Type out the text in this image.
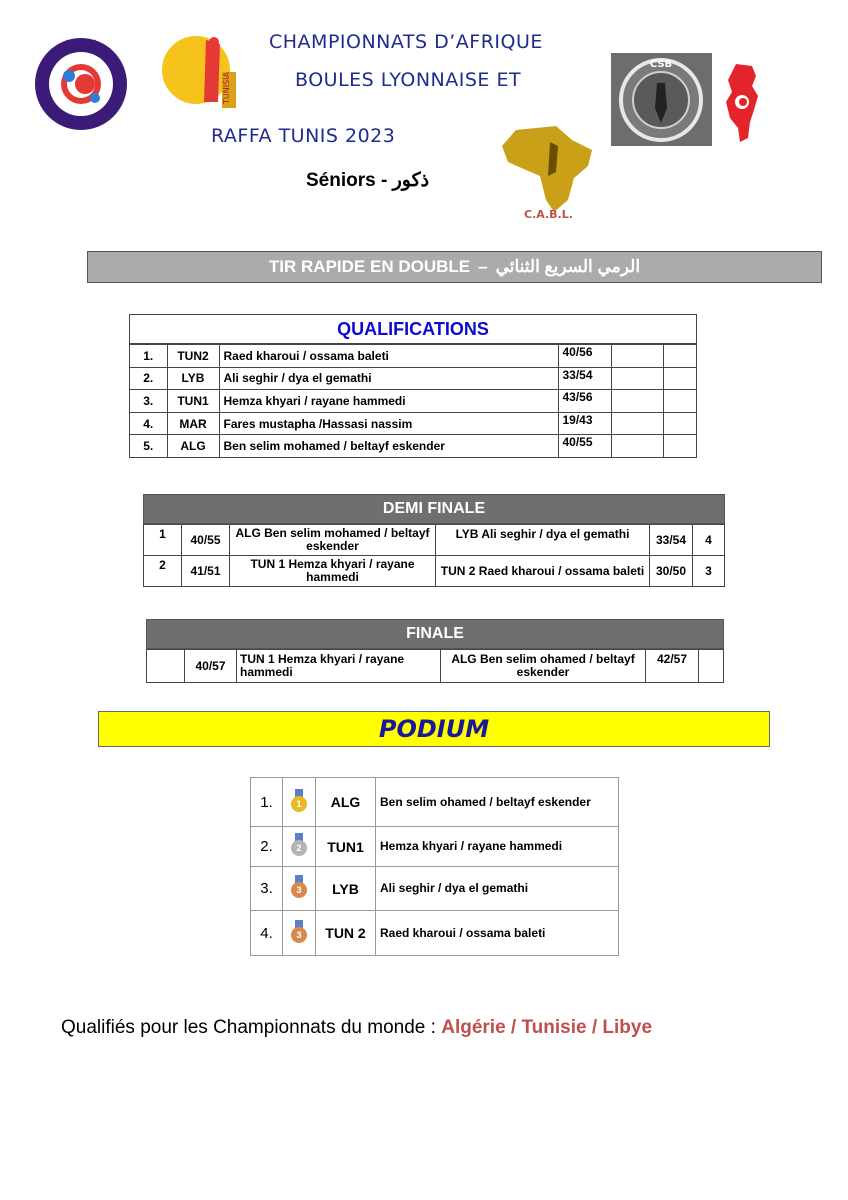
★★★★★
TUNISIA
CSB
C.A.B.L.
CHAMPIONNATS D’AFRIQUE
BOULES LYONNAISE ET
RAFFA TUNIS 2023
Séniors - ذكور
TIR RAPIDE EN DOUBLE – الرمي السريع الثنائي
QUALIFICATIONS
1.	TUN2	Raed kharoui / ossama baleti	40/56		
2.	LYB	Ali seghir / dya el gemathi	33/54		
3.	TUN1	Hemza khyari / rayane hammedi	43/56		
4.	MAR	Fares mustapha /Hassasi nassim	19/43		
5.	ALG	Ben selim mohamed / beltayf eskender	40/55		
DEMI FINALE
1	40/55	ALG Ben selim mohamed / beltayf eskender	LYB Ali seghir / dya el gemathi	33/54	4
2	41/51	TUN 1 Hemza khyari / rayane hammedi	TUN 2 Raed kharoui / ossama baleti	30/50	3
FINALE
	40/57	TUN 1 Hemza khyari / rayane hammedi	ALG Ben selim ohamed / beltayf eskender	42/57	
PODIUM
1.	1	ALG	Ben selim ohamed / beltayf eskender
2.	2	TUN1	Hemza khyari / rayane hammedi
3.	3	LYB	Ali seghir / dya el gemathi
4.	3	TUN 2	Raed kharoui / ossama baleti
Qualifiés pour les Championnats du monde : Algérie / Tunisie / Libye
